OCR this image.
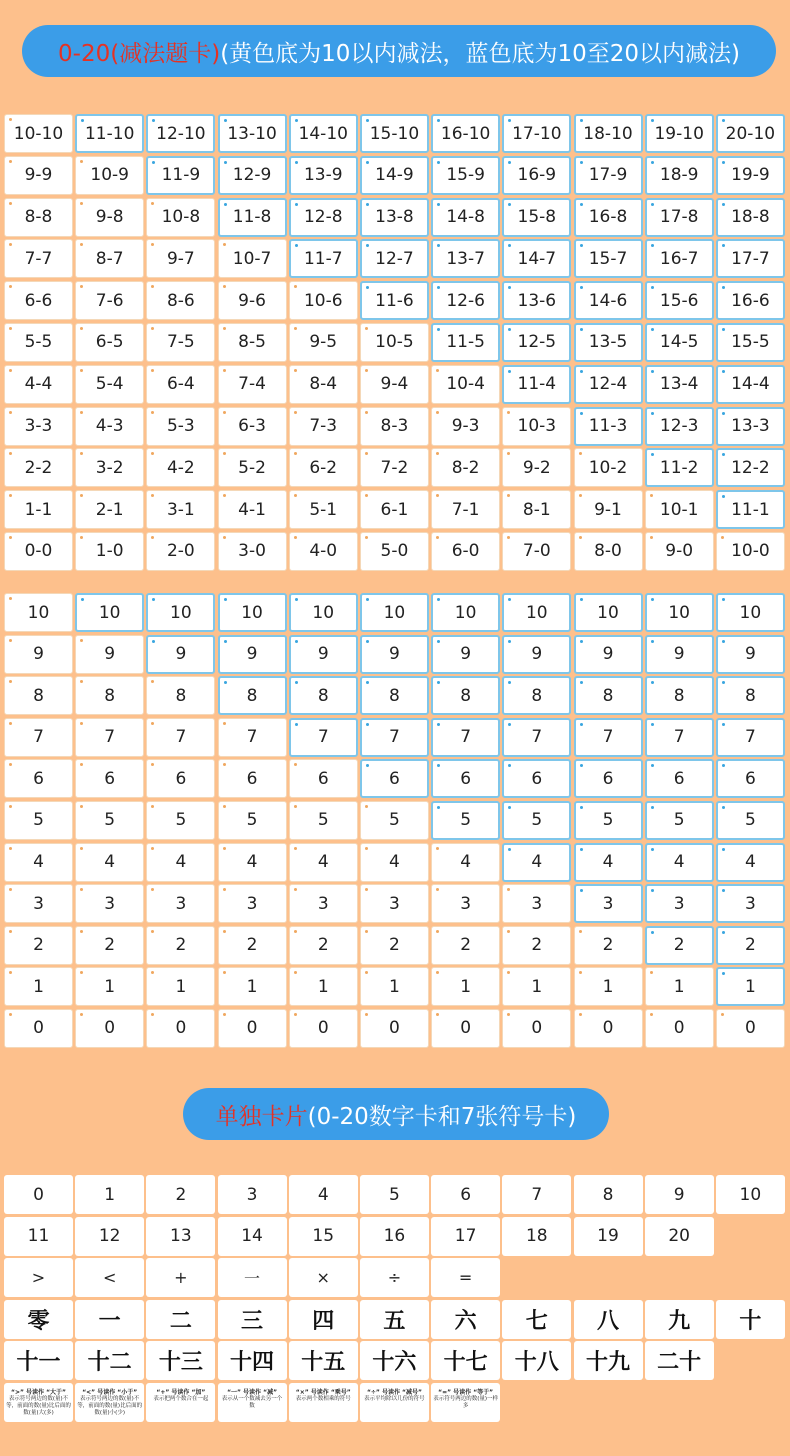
0-20(减法题卡) (黄色底为10以内减法，蓝色底为10至20以内减法)
10-10	11-10	12-10	13-10	14-10	15-10	16-10	17-10	18-10	19-10	20-10
9-9	10-9	11-9	12-9	13-9	14-9	15-9	16-9	17-9	18-9	19-9
8-8	9-8	10-8	11-8	12-8	13-8	14-8	15-8	16-8	17-8	18-8
7-7	8-7	9-7	10-7	11-7	12-7	13-7	14-7	15-7	16-7	17-7
6-6	7-6	8-6	9-6	10-6	11-6	12-6	13-6	14-6	15-6	16-6
5-5	6-5	7-5	8-5	9-5	10-5	11-5	12-5	13-5	14-5	15-5
4-4	5-4	6-4	7-4	8-4	9-4	10-4	11-4	12-4	13-4	14-4
3-3	4-3	5-3	6-3	7-3	8-3	9-3	10-3	11-3	12-3	13-3
2-2	3-2	4-2	5-2	6-2	7-2	8-2	9-2	10-2	11-2	12-2
1-1	2-1	3-1	4-1	5-1	6-1	7-1	8-1	9-1	10-1	11-1
0-0	1-0	2-0	3-0	4-0	5-0	6-0	7-0	8-0	9-0	10-0
10	10	10	10	10	10	10	10	10	10	10
9	9	9	9	9	9	9	9	9	9	9
8	8	8	8	8	8	8	8	8	8	8
7	7	7	7	7	7	7	7	7	7	7
6	6	6	6	6	6	6	6	6	6	6
5	5	5	5	5	5	5	5	5	5	5
4	4	4	4	4	4	4	4	4	4	4
3	3	3	3	3	3	3	3	3	3	3
2	2	2	2	2	2	2	2	2	2	2
1	1	1	1	1	1	1	1	1	1	1
0	0	0	0	0	0	0	0	0	0	0
单独卡片 (0-20数字卡和7张符号卡)
0	1	2	3	4	5	6	7	8	9	10
11	12	13	14	15	16	17	18	19	20
>	<	+	一	×	÷	=
零	一	二	三	四	五	六	七	八	九	十
十一	十二	十三	十四	十五	十六	十七	十八	十九	二十
“>” 号读作 “大于”
表示符号两边的数(量)不等，前面的数(量)比后面的数(量)大(多)
“<” 号读作 “小于”
表示符号两边的数(量)不等，前面的数(量)比后面的数(量)小(少)
“+” 号读作 “加”
表示把两个数合在一起
“一” 号读作 “减”
表示从一个数减去另一个数
“×” 号读作 “乘号”
表示两个数相乘的符号
“÷” 号读作 “减号”
表示平均除以几份的符号
“=” 号读作 “等于”
表示符号两边的数(量)一样多
